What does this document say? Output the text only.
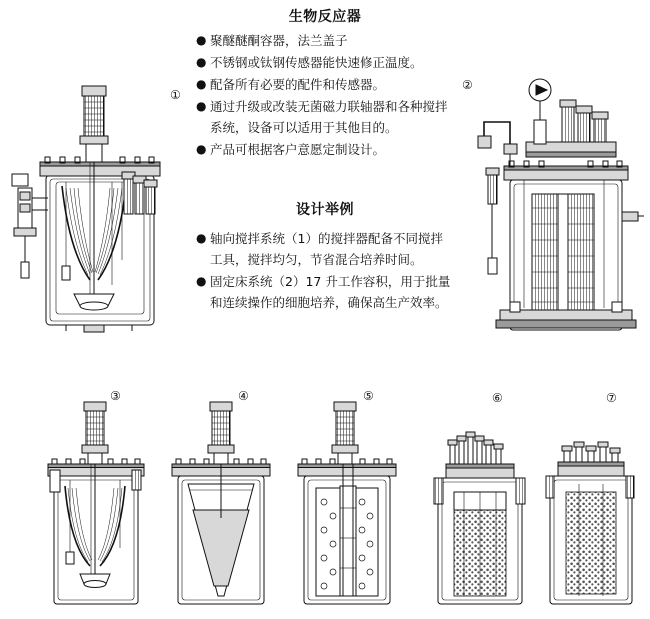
生物反应器
设计举例
● 聚醚醚酮容器，法兰盖子
● 不锈钢或钛钢传感器能快速修正温度。
● 配备所有必要的配件和传感器。
● 通过升级或改装无菌磁力联轴器和各种搅拌系统，设备可以适用于其他目的。
● 产品可根据客户意愿定制设计。
● 轴向搅拌系统（1）的搅拌器配备不同搅拌工具，搅拌均匀，节省混合培养时间。
● 固定床系统（2）17 升工作容积，用于批量和连续操作的细胞培养，确保高生产效率。
①
②
③	④	⑤	⑥	⑦
